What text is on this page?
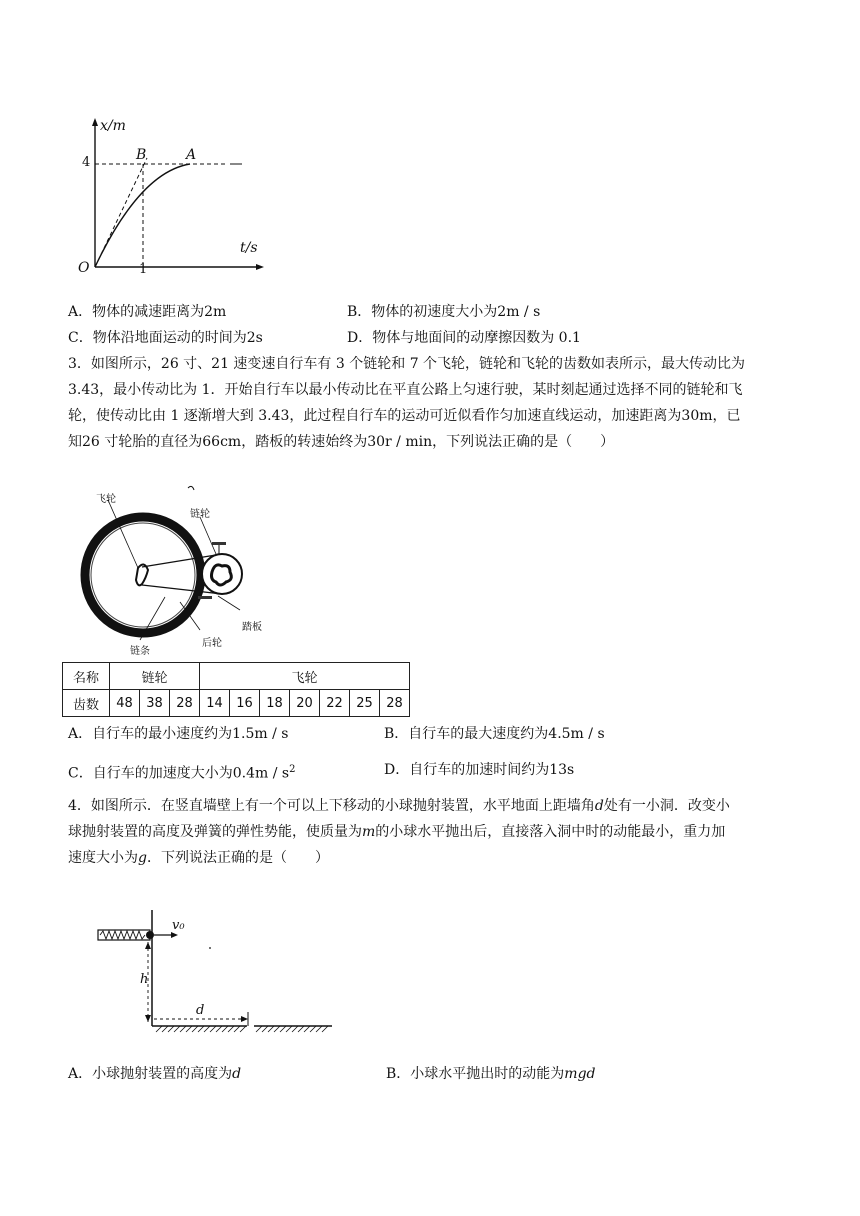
x/m
t/s
O
4
1
B	A
A．物体的减速距离为2m	B．物体的初速度大小为2m / s
C．物体沿地面运动的时间为2s	D．物体与地面间的动摩擦因数为 0.1
3．如图所示，26 寸、21 速变速自行车有 3 个链轮和 7 个飞轮，链轮和飞轮的齿数如表所示，最大传动比为
3.43，最小传动比为 1．开始自行车以最小传动比在平直公路上匀速行驶，某时刻起通过选择不同的链轮和飞
轮，使传动比由 1 逐渐增大到 3.43，此过程自行车的运动可近似看作匀加速直线运动，加速距离为30m，已
知26 寸轮胎的直径为66cm，踏板的转速始终为30r / min，下列说法正确的是（　　）
飞轮
链轮
踏板
后轮
链条
名称	链轮			飞轮						
齿数	48	38	28	14	16	18	20	22	25	28
A．自行车的最小速度约为1.5m / s	B．自行车的最大速度约为4.5m / s
C．自行车的加速度大小为$0.4m / s^2$	D．自行车的加速时间约为13s
4．如图所示．在竖直墙壁上有一个可以上下移动的小球抛射装置，水平地面上距墙角d处有一小洞．改变小
球抛射装置的高度及弹簧的弹性势能，使质量为m的小球水平抛出后，直接落入洞中时的动能最小，重力加
速度大小为g．下列说法正确的是（　　）
v₀
h
d
A．小球抛射装置的高度为d	B．小球水平抛出时的动能为mgd
